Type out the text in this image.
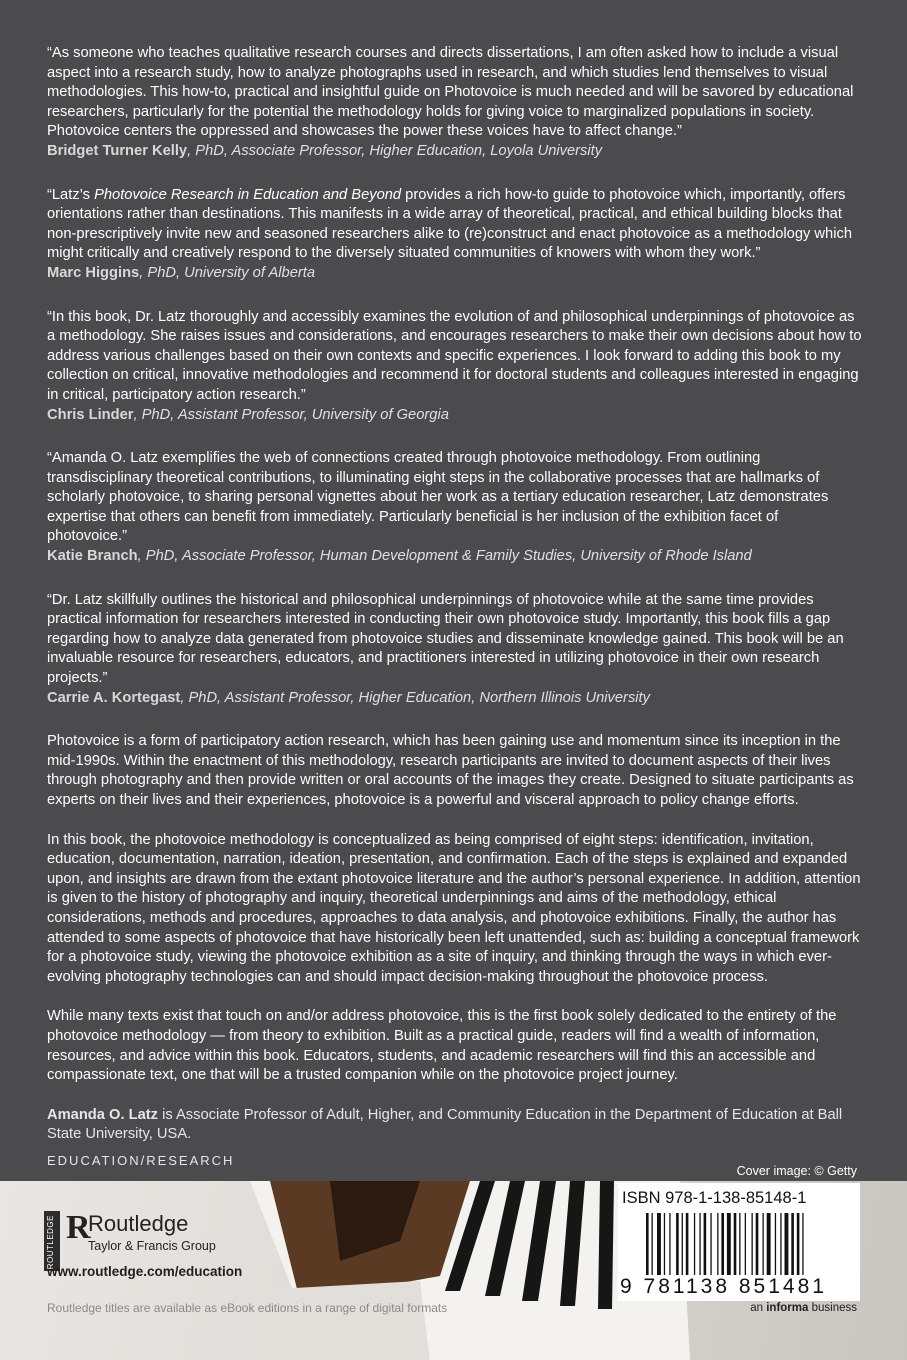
“As someone who teaches qualitative research courses and directs dissertations, I am often asked how to include a visual aspect into a research study, how to analyze photographs used in research, and which studies lend themselves to visual methodologies. This how-to, practical and insightful guide on Photovoice is much needed and will be savored by educational researchers, particularly for the potential the methodology holds for giving voice to marginalized populations in society. Photovoice centers the oppressed and showcases the power these voices have to affect change.”

Bridget Turner Kelly, PhD, Associate Professor, Higher Education, Loyola University

“Latz’s Photovoice Research in Education and Beyond provides a rich how-to guide to photovoice which, importantly, offers orientations rather than destinations. This manifests in a wide array of theoretical, practical, and ethical building blocks that non-prescriptively invite new and seasoned researchers alike to (re)construct and enact photovoice as a methodology which might critically and creatively respond to the diversely situated communities of knowers with whom they work.”

Marc Higgins, PhD, University of Alberta

“In this book, Dr. Latz thoroughly and accessibly examines the evolution of and philosophical underpinnings of photovoice as a methodology. She raises issues and considerations, and encourages researchers to make their own decisions about how to address various challenges based on their own contexts and specific experiences. I look forward to adding this book to my collection on critical, innovative methodologies and recommend it for doctoral students and colleagues interested in engaging in critical, participatory action research.”

Chris Linder, PhD, Assistant Professor, University of Georgia

“Amanda O. Latz exemplifies the web of connections created through photovoice methodology. From outlining transdisciplinary theoretical contributions, to illuminating eight steps in the collaborative processes that are hallmarks of scholarly photovoice, to sharing personal vignettes about her work as a tertiary education researcher, Latz demonstrates expertise that others can benefit from immediately. Particularly beneficial is her inclusion of the exhibition facet of photovoice.”

Katie Branch, PhD, Associate Professor, Human Development & Family Studies, University of Rhode Island

“Dr. Latz skillfully outlines the historical and philosophical underpinnings of photovoice while at the same time provides practical information for researchers interested in conducting their own photovoice study. Importantly, this book fills a gap regarding how to analyze data generated from photovoice studies and disseminate knowledge gained. This book will be an invaluable resource for researchers, educators, and practitioners interested in utilizing photovoice in their own research projects.”

Carrie A. Kortegast, PhD, Assistant Professor, Higher Education, Northern Illinois University

Photovoice is a form of participatory action research, which has been gaining use and momentum since its inception in the mid-1990s. Within the enactment of this methodology, research participants are invited to document aspects of their lives through photography and then provide written or oral accounts of the images they create. Designed to situate participants as experts on their lives and their experiences, photovoice is a powerful and visceral approach to policy change efforts.

In this book, the photovoice methodology is conceptualized as being comprised of eight steps: identification, invitation, education, documentation, narration, ideation, presentation, and confirmation. Each of the steps is explained and expanded upon, and insights are drawn from the extant photovoice literature and the author’s personal experience. In addition, attention is given to the history of photography and inquiry, theoretical underpinnings and aims of the methodology, ethical considerations, methods and procedures, approaches to data analysis, and photovoice exhibitions. Finally, the author has attended to some aspects of photovoice that have historically been left unattended, such as: building a conceptual framework for a photovoice study, viewing the photovoice exhibition as a site of inquiry, and thinking through the ways in which ever-evolving photography technologies can and should impact decision-making throughout the photovoice process.

While many texts exist that touch on and/or address photovoice, this is the first book solely dedicated to the entirety of the photovoice methodology — from theory to exhibition. Built as a practical guide, readers will find a wealth of information, resources, and advice within this book. Educators, students, and academic researchers will find this an accessible and compassionate text, one that will be a trusted companion while on the photovoice project journey.

Amanda O. Latz is Associate Professor of Adult, Higher, and Community Education in the Department of Education at Ball State University, USA.

EDUCATION/RESEARCH
Cover image: © Getty
ROUTLEDGE R
Routledge
Taylor & Francis Group
www.routledge.com/education
Routledge titles are available as eBook editions in a range of digital formats
ISBN 978-1-138-85148-1
9 781138 851481
an informa business
